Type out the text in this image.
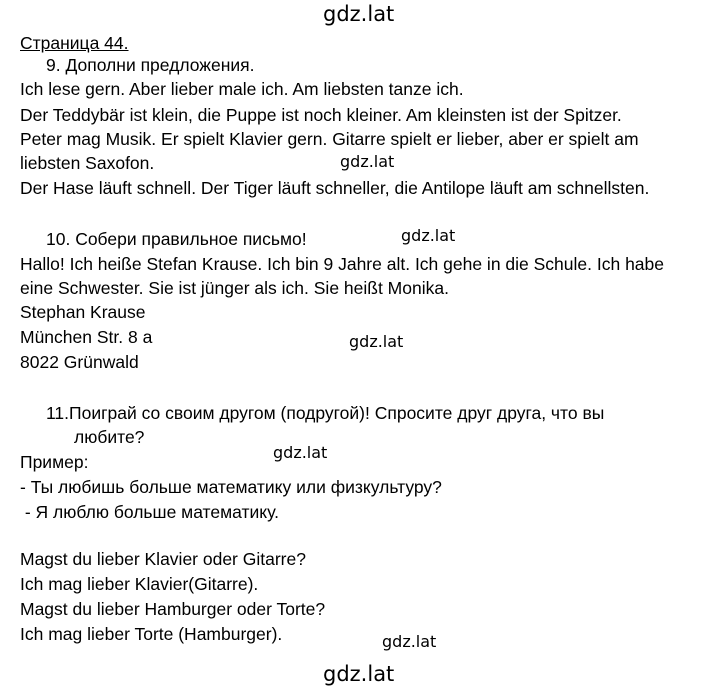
gdz.lat
gdz.lat
gdz.lat
gdz.lat
gdz.lat
gdz.lat
gdz.lat

Страница 44.

9. Дополни предложения.

Ich lese gern. Aber lieber male ich. Am liebsten tanze ich.

Der Teddybär ist klein, die Puppe ist noch kleiner. Am kleinsten ist der Spitzer.

Peter mag Musik. Er spielt Klavier gern. Gitarre spielt er lieber, aber er spielt am

liebsten Saxofon.

Der Hase läuft schnell. Der Tiger läuft schneller, die Antilope läuft am schnellsten.

10. Собери правильное письмо!

Hallo! Ich heiße Stefan Krause. Ich bin 9 Jahre alt. Ich gehe in die Schule. Ich habe

eine Schwester. Sie ist jünger als ich. Sie heißt Monika.

Stephan Krause

München Str. 8 a

8022 Grünwald

11.Поиграй со своим другом (подругой)! Спросите друг друга, что вы

любите?

Пример:

- Ты любишь больше математику или физкультуру?

- Я люблю больше математику.

Magst du lieber Klavier oder Gitarre?

Ich mag lieber Klavier(Gitarre).

Magst du lieber Hamburger oder Torte?

Ich mag lieber Torte (Hamburger).
